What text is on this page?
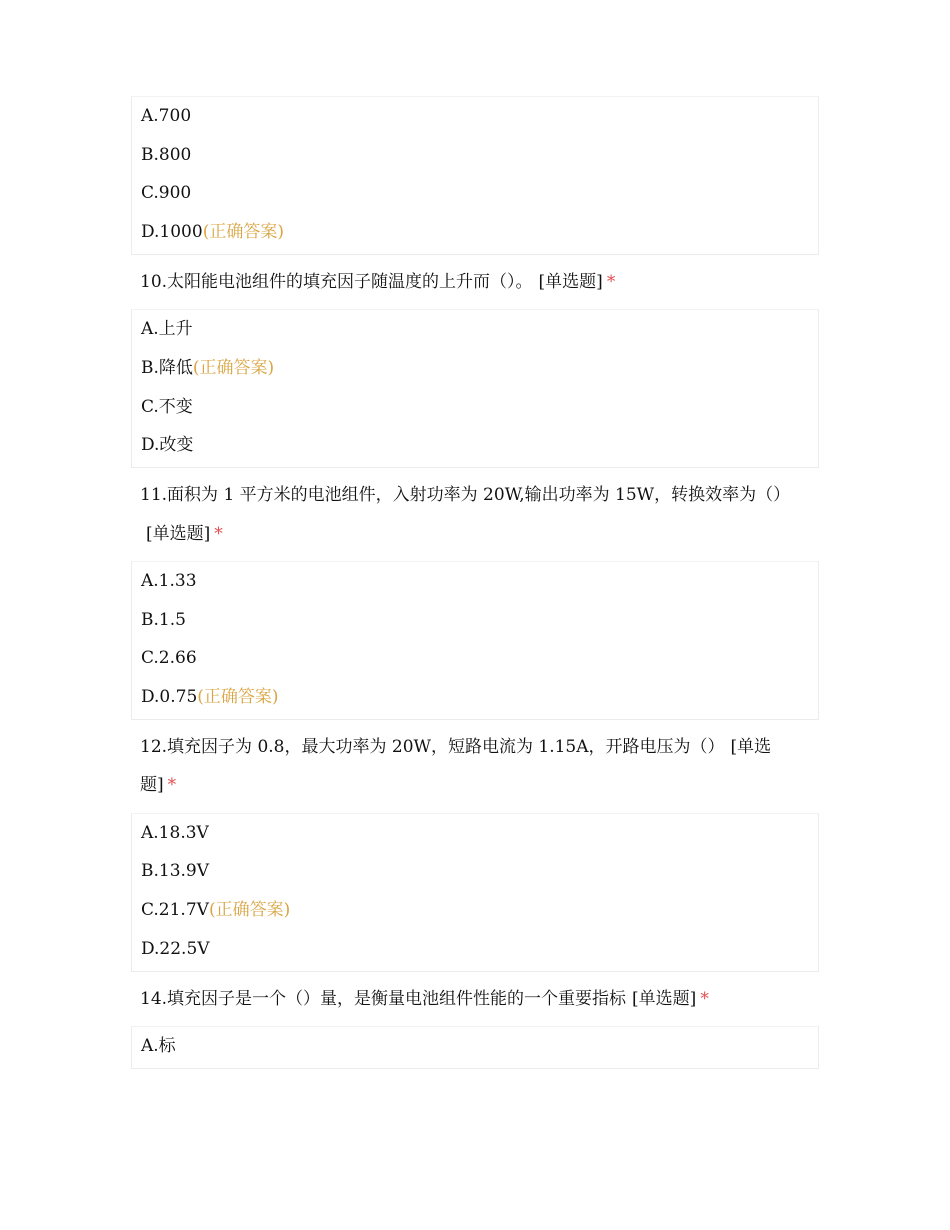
A.700
B.800
C.900
D.1000(正确答案)
10.太阳能电池组件的填充因子随温度的上升而（）。 [单选题] *
A.上升
B.降低(正确答案)
C.不变
D.改变
11.面积为 1 平方米的电池组件，入射功率为 20W,输出功率为 15W，转换效率为（）[单选题] *
A.1.33
B.1.5
C.2.66
D.0.75(正确答案)
12.填充因子为 0.8，最大功率为 20W，短路电流为 1.15A，开路电压为（） [单选题] *
A.18.3V
B.13.9V
C.21.7V(正确答案)
D.22.5V
14.填充因子是一个（）量，是衡量电池组件性能的一个重要指标 [单选题] *
A.标
